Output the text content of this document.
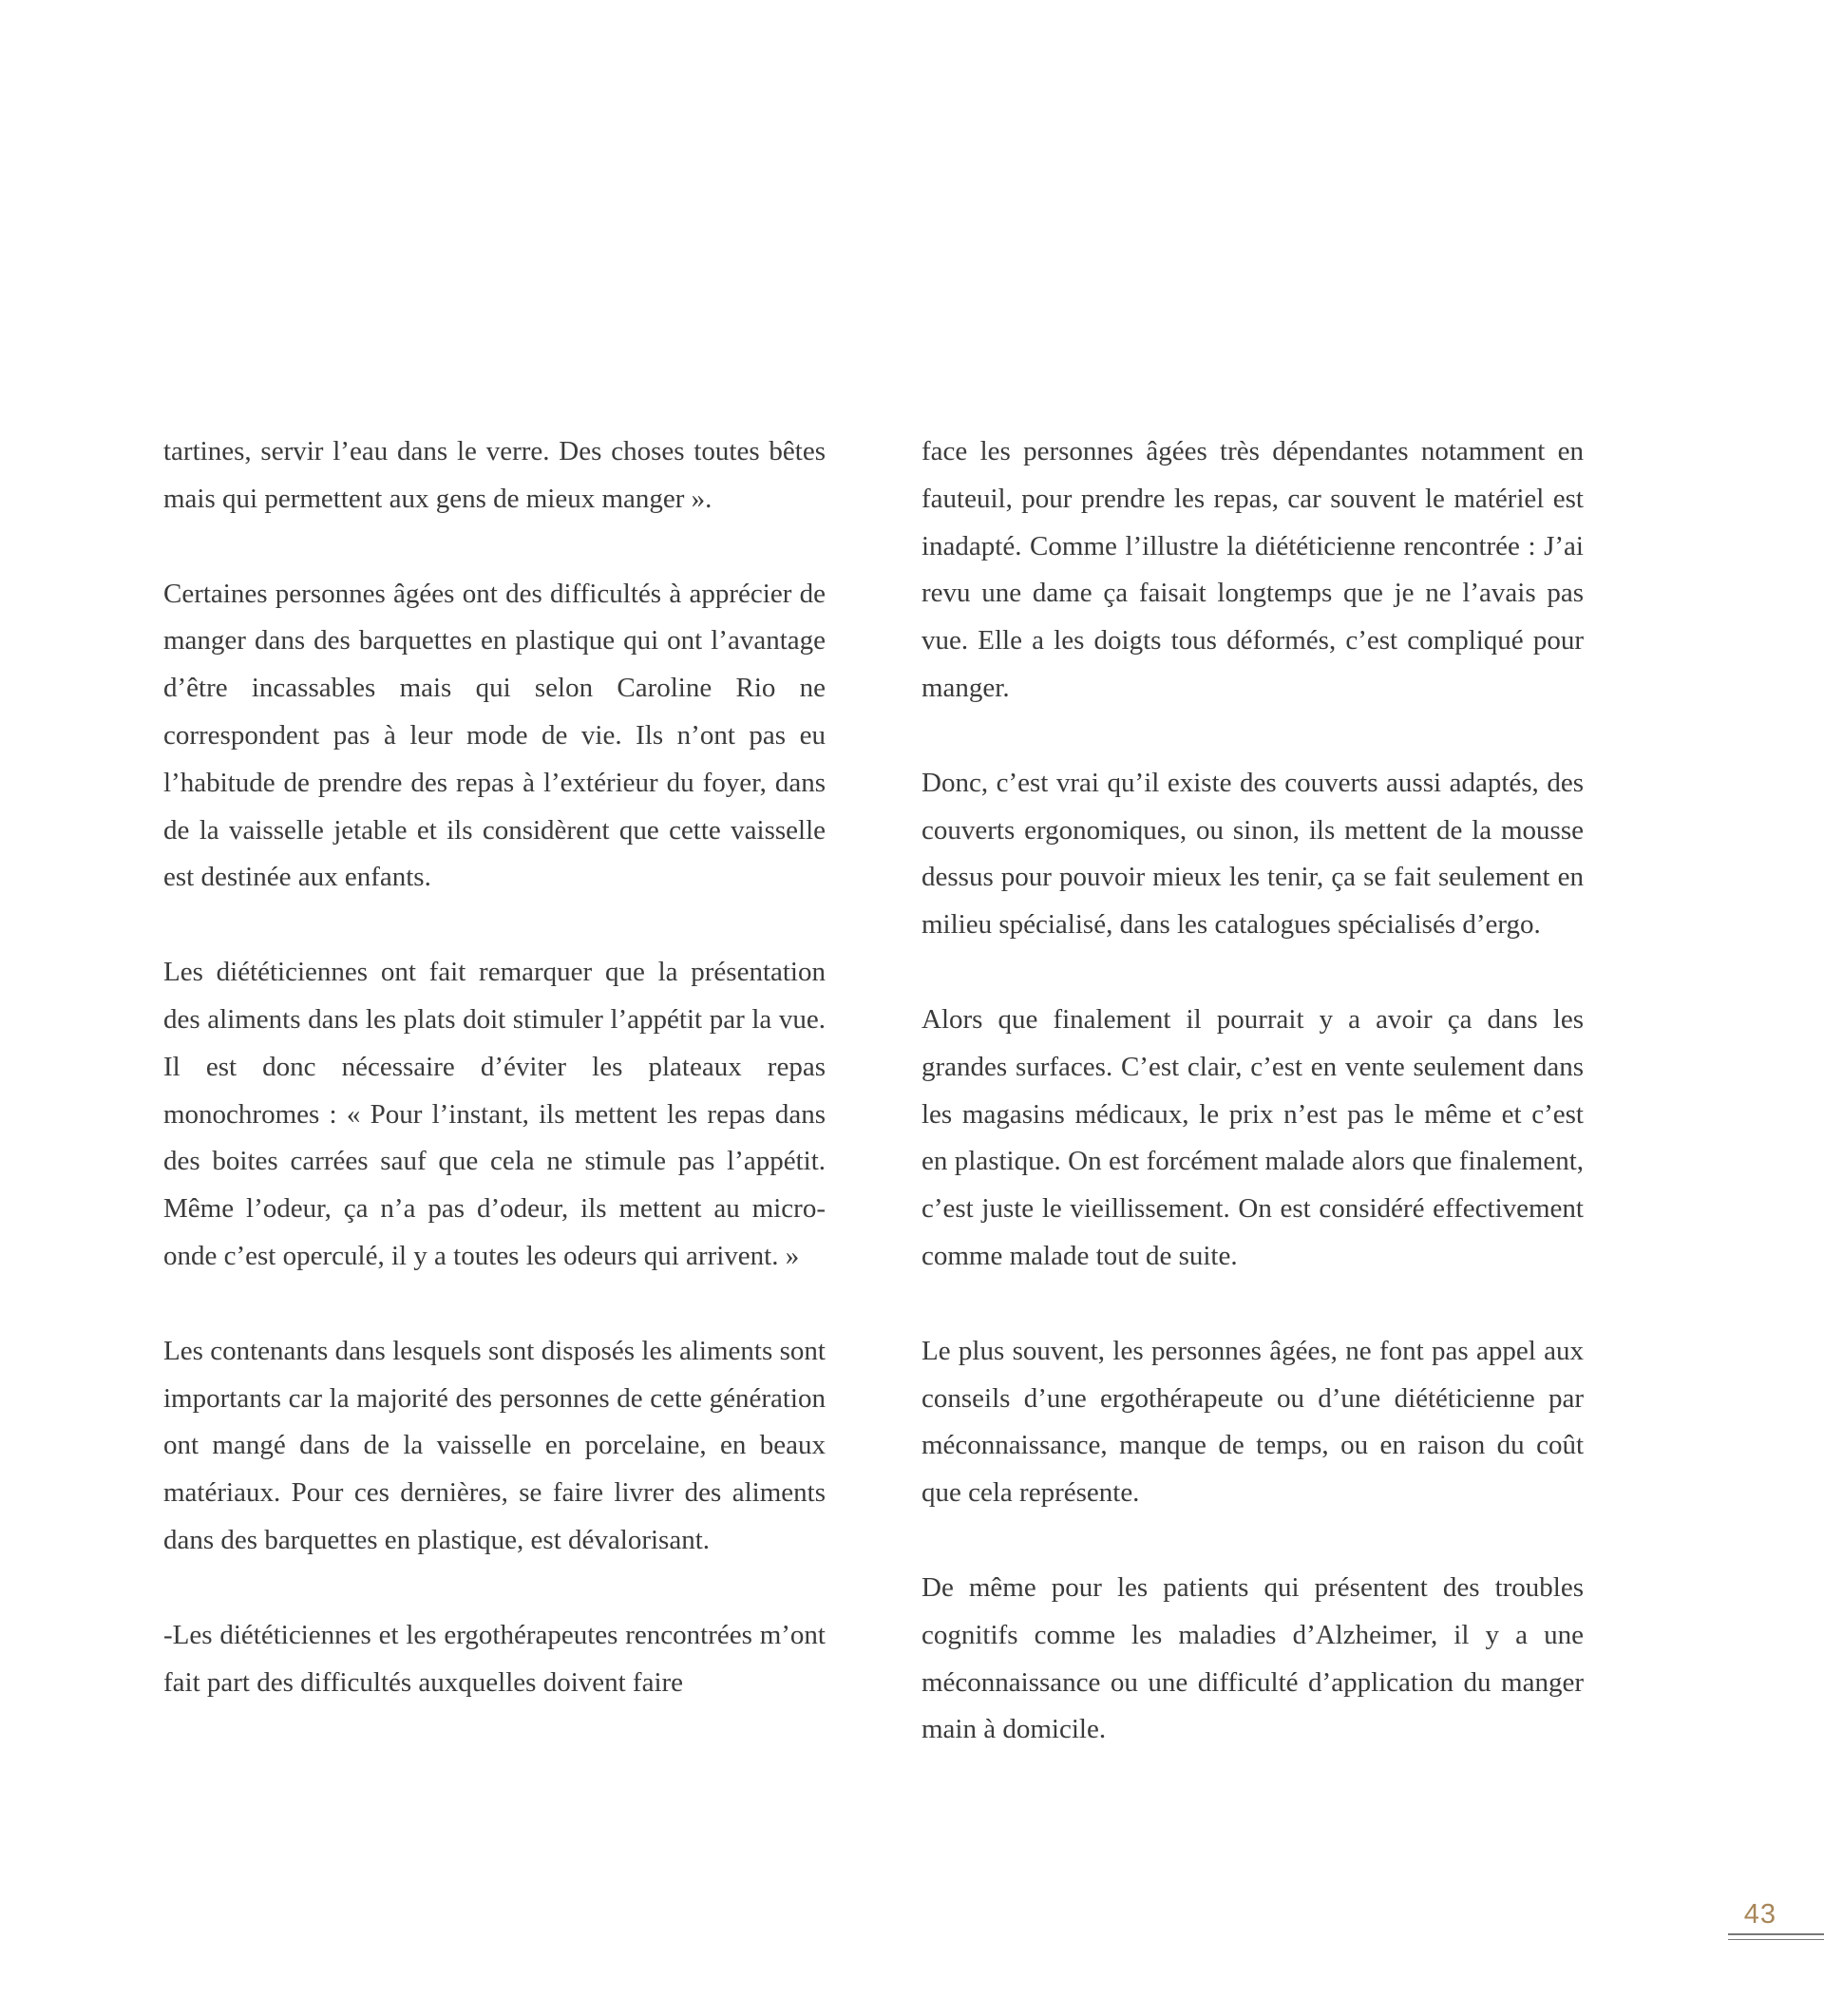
tartines, servir l’eau dans le verre. Des choses toutes bêtes mais qui permettent aux gens de mieux manger ».

Certaines personnes âgées ont des difficultés à apprécier de manger dans des barquettes en plastique qui ont l’avantage d’être incassables mais qui selon Caroline Rio ne correspondent pas à leur mode de vie. Ils n’ont pas eu l’habitude de prendre des repas à l’extérieur du foyer, dans de la vaisselle jetable et ils considèrent que cette vaisselle est destinée aux enfants.

Les diététiciennes ont fait remarquer que la présentation des aliments dans les plats doit stimuler l’appétit par la vue. Il est donc nécessaire d’éviter les plateaux repas monochromes : « Pour l’instant, ils mettent les repas dans des boites carrées sauf que cela ne stimule pas l’appétit. Même l’odeur, ça n’a pas d’odeur, ils mettent au micro-onde c’est operculé, il y a toutes les odeurs qui arrivent. »

Les contenants dans lesquels sont disposés les aliments sont importants car la majorité des personnes de cette génération ont mangé dans de la vaisselle en porcelaine, en beaux matériaux. Pour ces dernières, se faire livrer des aliments dans des barquettes en plastique, est dévalorisant.

-Les diététiciennes et les ergothérapeutes rencontrées m’ont fait part des difficultés auxquelles doivent faire

face les personnes âgées très dépendantes notamment en fauteuil, pour prendre les repas, car souvent le matériel est inadapté. Comme l’illustre la diététicienne rencontrée : J’ai revu une dame ça faisait longtemps que je ne l’avais pas vue. Elle a les doigts tous déformés, c’est compliqué pour manger.

Donc, c’est vrai qu’il existe des couverts aussi adaptés, des couverts ergonomiques, ou sinon, ils mettent de la mousse dessus pour pouvoir mieux les tenir, ça se fait seulement en milieu spécialisé, dans les catalogues spécialisés d’ergo.

Alors que finalement il pourrait y a avoir ça dans les grandes surfaces. C’est clair, c’est en vente seulement dans les magasins médicaux, le prix n’est pas le même et c’est en plastique. On est forcément malade alors que finalement, c’est juste le vieillissement. On est considéré effectivement comme malade tout de suite.

Le plus souvent, les personnes âgées, ne font pas appel aux conseils d’une ergothérapeute ou d’une diététicienne par méconnaissance, manque de temps, ou en raison du coût que cela représente.

De même pour les patients qui présentent des troubles cognitifs comme les maladies d’Alzheimer, il y a une méconnaissance ou une difficulté d’application du manger main à domicile.

43
